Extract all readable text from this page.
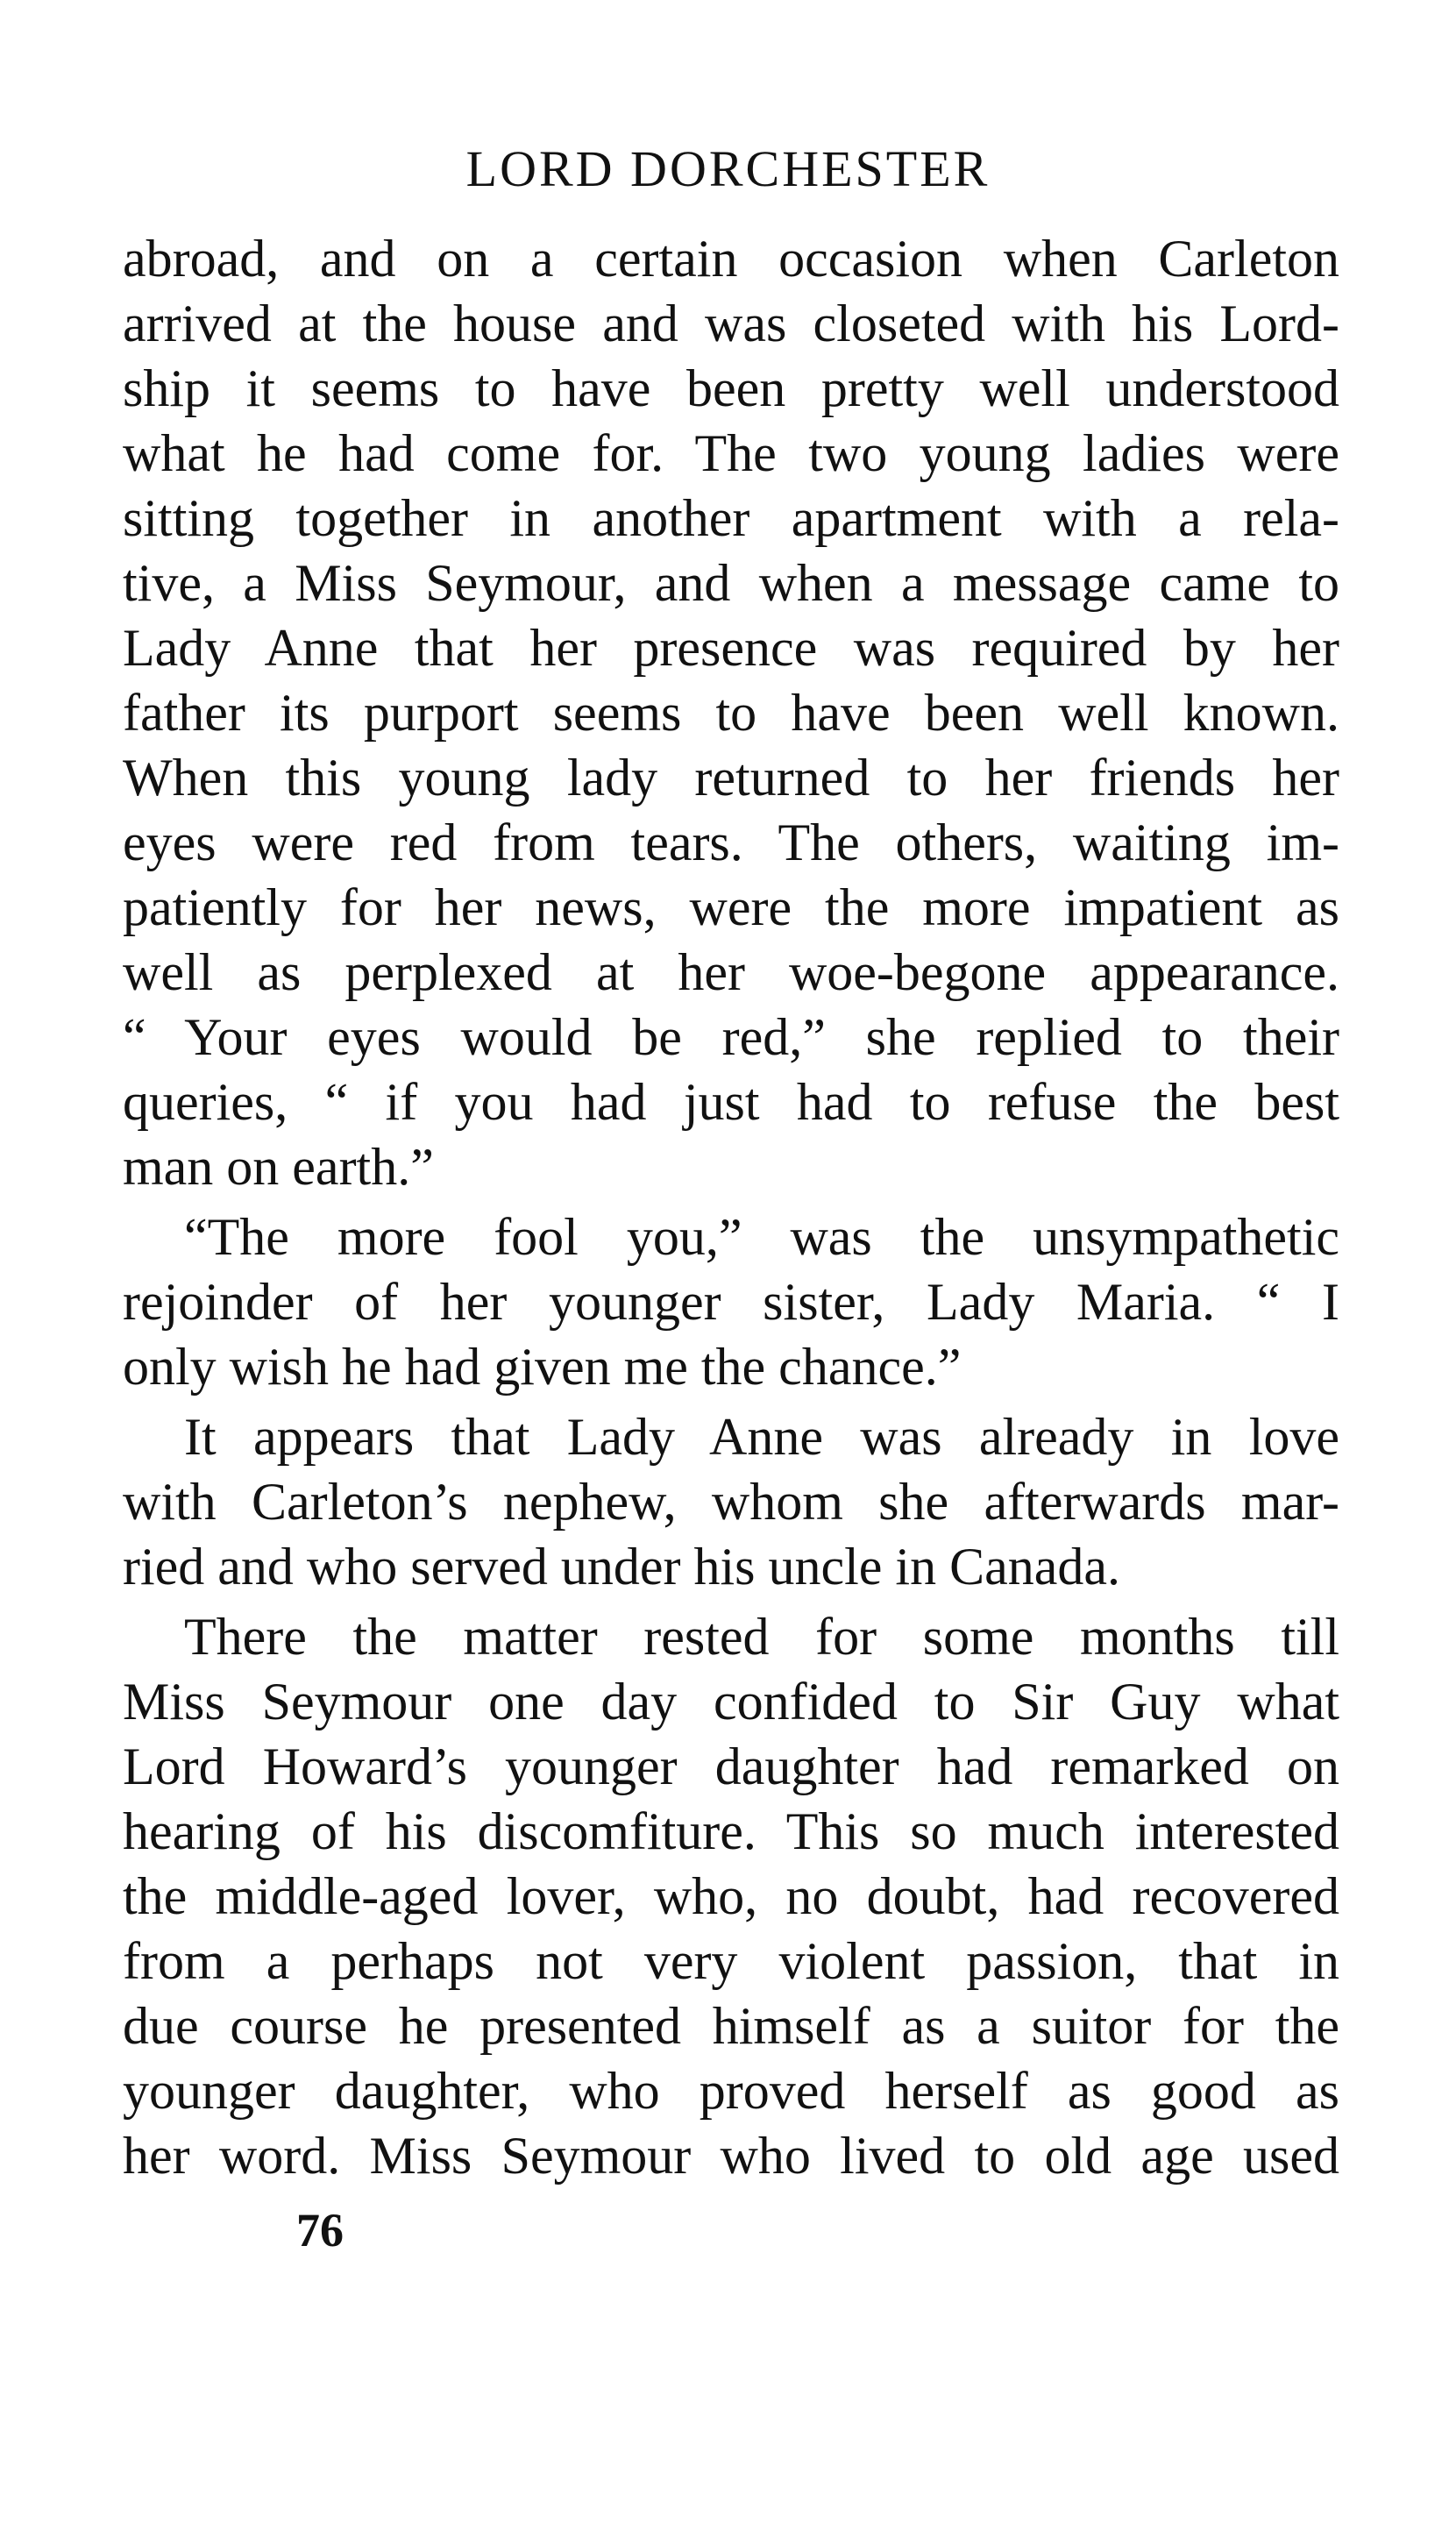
LORD DORCHESTER
abroad, and on a certain occasion when Carleton
arrived at the house and was closeted with his Lord-
ship it seems to have been pretty well understood
what he had come for. The two young ladies were
sitting together in another apartment with a rela-
tive, a Miss Seymour, and when a message came to
Lady Anne that her presence was required by her
father its purport seems to have been well known.
When this young lady returned to her friends her
eyes were red from tears. The others, waiting im-
patiently for her news, were the more impatient as
well as perplexed at her woe-begone appearance.
“ Your eyes would be red,” she replied to their
queries, “ if you had just had to refuse the best
man on earth.”
“The more fool you,” was the unsympathetic
rejoinder of her younger sister, Lady Maria. “ I
only wish he had given me the chance.”
It appears that Lady Anne was already in love
with Carleton’s nephew, whom she afterwards mar-
ried and who served under his uncle in Canada.
There the matter rested for some months till
Miss Seymour one day confided to Sir Guy what
Lord Howard’s younger daughter had remarked on
hearing of his discomfiture. This so much interested
the middle-aged lover, who, no doubt, had recovered
from a perhaps not very violent passion, that in
due course he presented himself as a suitor for the
younger daughter, who proved herself as good as
her word. Miss Seymour who lived to old age used
76
